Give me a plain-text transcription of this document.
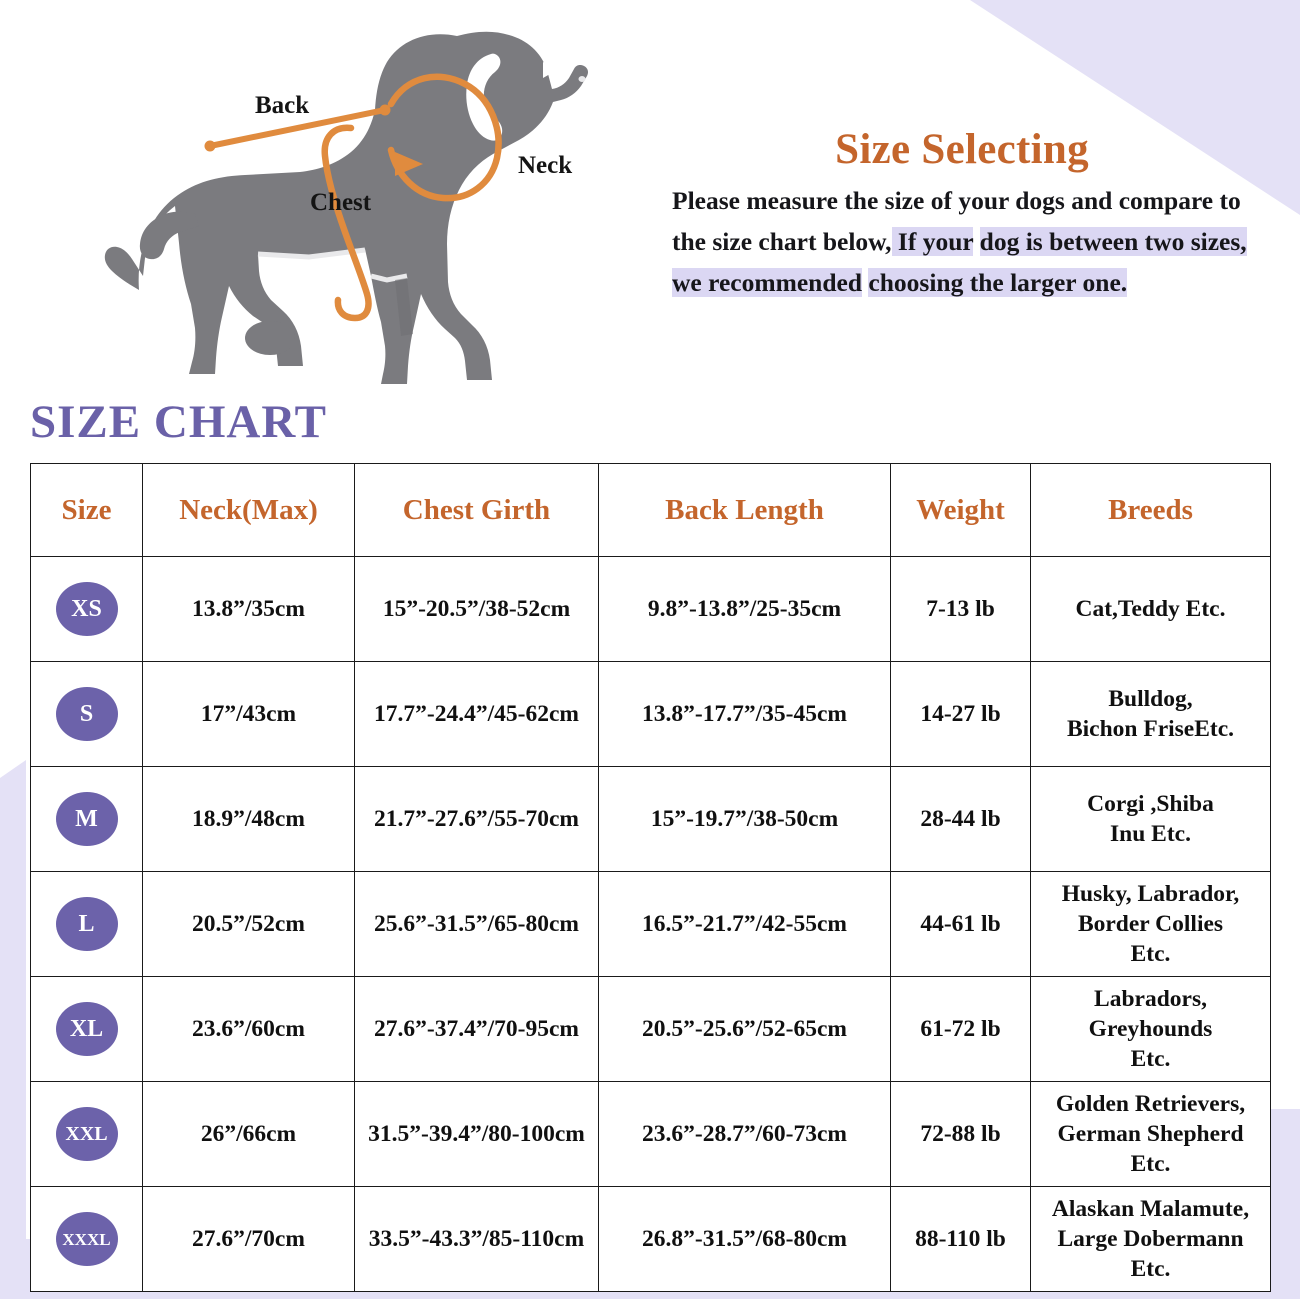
Back
Neck
Chest
Size Selecting

Please measure the size of your dogs and compare to the size chart below, If your dog is between two sizes, we recommended choosing the larger one.

SIZE CHART
Size	Neck(Max)	Chest Girth	Back Length	Weight	Breeds
XS	13.8”/35cm	15”-20.5”/38-52cm	9.8”-13.8”/25-35cm	7-13 lb	Cat,Teddy Etc.
S	17”/43cm	17.7”-24.4”/45-62cm	13.8”-17.7”/35-45cm	14-27 lb	Bulldog,
Bichon FriseEtc.
M	18.9”/48cm	21.7”-27.6”/55-70cm	15”-19.7”/38-50cm	28-44 lb	Corgi ,Shiba
Inu Etc.
L	20.5”/52cm	25.6”-31.5”/65-80cm	16.5”-21.7”/42-55cm	44-61 lb	Husky, Labrador,
Border Collies
Etc.
XL	23.6”/60cm	27.6”-37.4”/70-95cm	20.5”-25.6”/52-65cm	61-72 lb	Labradors,
Greyhounds
Etc.
XXL	26”/66cm	31.5”-39.4”/80-100cm	23.6”-28.7”/60-73cm	72-88 lb	Golden Retrievers,
German Shepherd
Etc.
XXXL	27.6”/70cm	33.5”-43.3”/85-110cm	26.8”-31.5”/68-80cm	88-110 lb	Alaskan Malamute,
Large Dobermann
Etc.
